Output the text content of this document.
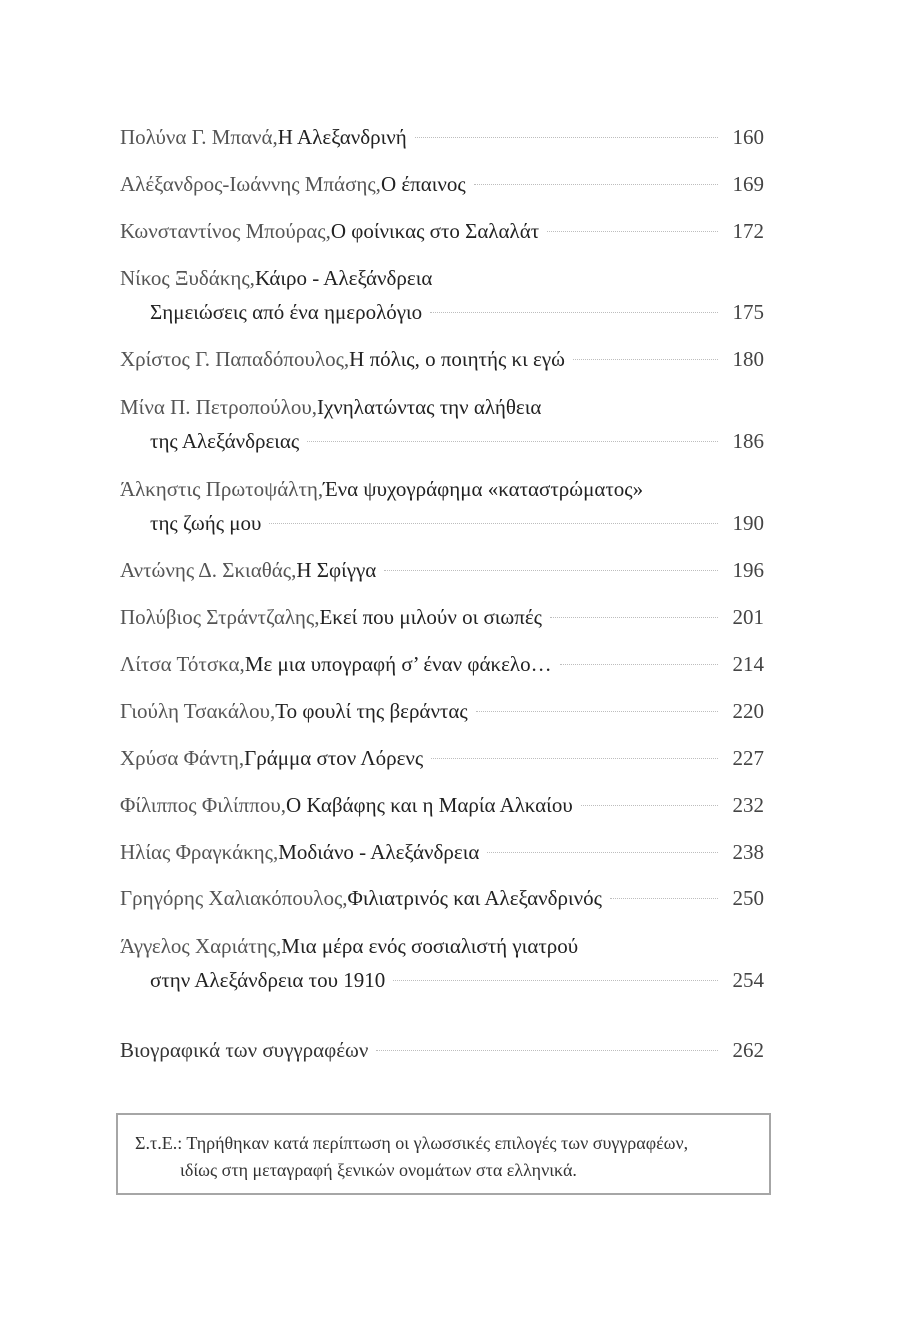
Πολύνα Γ. Μπανά, Η Αλεξανδρινή	160
Αλέξανδρος-Ιωάννης Μπάσης, Ο έπαινος	169
Κωνσταντίνος Μπούρας, Ο φοίνικας στο Σαλαλάτ	172
Νίκος Ξυδάκης, Κάιρο - Αλεξάνδρεια
Σημειώσεις από ένα ημερολόγιο	175
Χρίστος Γ. Παπαδόπουλος, Η πόλις, ο ποιητής κι εγώ	180
Μίνα Π. Πετροπούλου, Ιχνηλατώντας την αλήθεια
της Αλεξάνδρειας	186
Άλκηστις Πρωτοψάλτη, Ένα ψυχογράφημα «καταστρώματος»
της ζωής μου	190
Αντώνης Δ. Σκιαθάς, Η Σφίγγα	196
Πολύβιος Στράντζαλης, Εκεί που μιλούν οι σιωπές	201
Λίτσα Τότσκα, Με μια υπογραφή σ’ έναν φάκελο…	214
Γιούλη Τσακάλου, Το φουλί της βεράντας	220
Χρύσα Φάντη, Γράμμα στον Λόρενς	227
Φίλιππος Φιλίππου, Ο Καβάφης και η Μαρία Αλκαίου	232
Ηλίας Φραγκάκης, Μοδιάνο - Αλεξάνδρεια	238
Γρηγόρης Χαλιακόπουλος, Φιλιατρινός και Αλεξανδρινός	250
Άγγελος Χαριάτης, Μια μέρα ενός σοσιαλιστή γιατρού
στην Αλεξάνδρεια του 1910	254
Βιογραφικά των συγγραφέων	262
Σ.τ.Ε.: Τηρήθηκαν κατά περίπτωση οι γλωσσικές επιλογές των συγγραφέων,
ιδίως στη μεταγραφή ξενικών ονομάτων στα ελληνικά.
